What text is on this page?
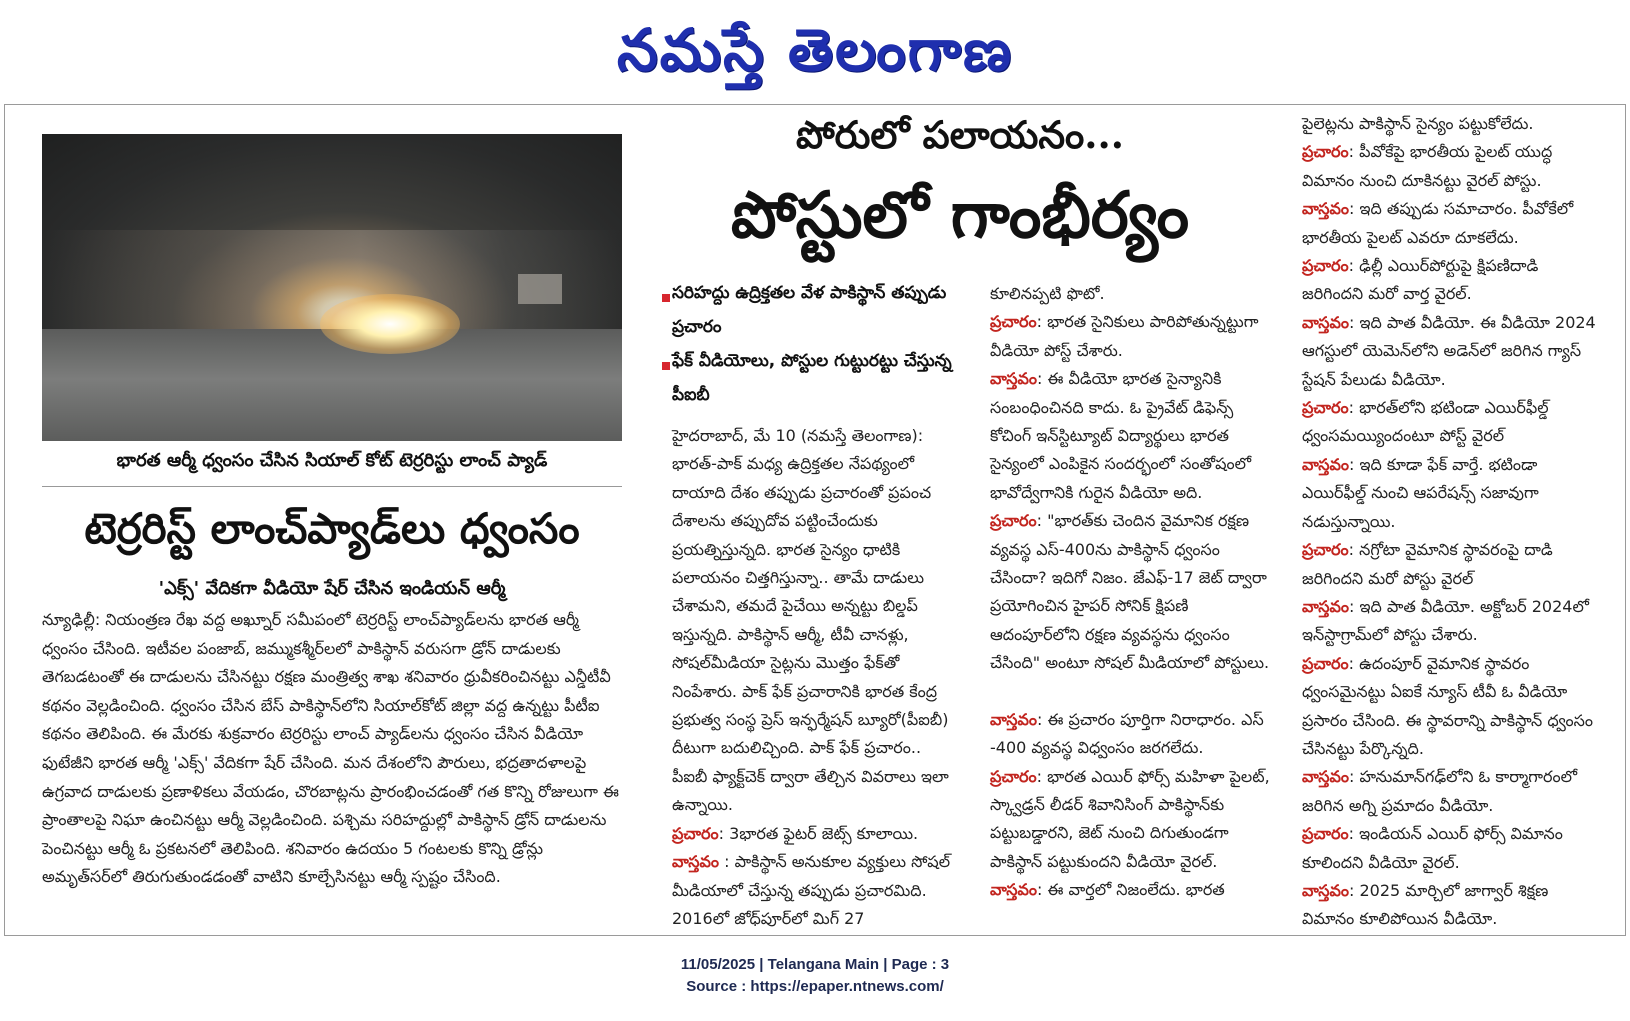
నమస్తే తెలంగాణ
భారత ఆర్మీ ధ్వంసం చేసిన సియాల్ కోట్ టెర్రరిస్టు లాంచ్ ప్యాడ్
టెర్రరిస్ట్ లాంచ్‌ప్యాడ్‌లు ధ్వంసం
'ఎక్స్' వేదికగా వీడియో షేర్ చేసిన ఇండియన్ ఆర్మీ
న్యూఢిల్లీ: నియంత్రణ రేఖ వద్ద అఖ్నూర్ సమీపంలో టెర్రరిస్ట్ లాంచ్‌ప్యాడ్‌లను భారత ఆర్మీ ధ్వంసం చేసింది. ఇటీవల పంజాబ్, జమ్ముకశ్మీర్‌లలో పాకిస్థాన్ వరుసగా డ్రోన్ దాడులకు తెగబడటంతో ఈ దాడులను చేసినట్టు రక్షణ మంత్రిత్వ శాఖ శనివారం ధ్రువీకరించినట్టు ఎన్డీటీవీ కథనం వెల్లడించింది. ధ్వంసం చేసిన బేస్ పాకిస్థాన్‌లోని సియాల్‌కోట్ జిల్లా వద్ద ఉన్నట్టు పీటీఐ కథనం తెలిపింది. ఈ మేరకు శుక్రవారం టెర్రరిస్టు లాంచ్ ప్యాడ్‌లను ధ్వంసం చేసిన వీడియో ఫుటేజీని భారత ఆర్మీ 'ఎక్స్' వేదికగా షేర్ చేసింది. మన దేశంలోని పౌరులు, భద్రతాదళాలపై ఉగ్రవాద దాడులకు ప్రణాళికలు వేయడం, చొరబాట్లను ప్రారంభించడంతో గత కొన్ని రోజులుగా ఈ ప్రాంతాలపై నిఘా ఉంచినట్టు ఆర్మీ వెల్లడించింది. పశ్చిమ సరిహద్దుల్లో పాకిస్థాన్ డ్రోన్ దాడులను పెంచినట్టు ఆర్మీ ఓ ప్రకటనలో తెలిపింది. శనివారం ఉదయం 5 గంటలకు కొన్ని డ్రోన్లు అమృత్‌సర్‌లో తిరుగుతుండడంతో వాటిని కూల్చేసినట్టు ఆర్మీ స్పష్టం చేసింది.
పోరులో పలాయనం...
పోస్టులో గాంభీర్యం
సరిహద్దు ఉద్రిక్తతల వేళ పాకిస్థాన్ తప్పుడు ప్రచారం
ఫేక్ వీడియోలు, పోస్టుల గుట్టురట్టు చేస్తున్న పీఐబీ

హైదరాబాద్, మే 10 (నమస్తే తెలంగాణ): భారత్-పాక్ మధ్య ఉద్రిక్తతల నేపథ్యంలో దాయాది దేశం తప్పుడు ప్రచారంతో ప్రపంచ దేశాలను తప్పుదోవ పట్టించేందుకు ప్రయత్నిస్తున్నది. భారత సైన్యం ధాటికి పలాయనం చిత్తగిస్తున్నా.. తామే దాడులు చేశామని, తమదే పైచేయి అన్నట్టు బిల్డప్ ఇస్తున్నది. పాకిస్థాన్ ఆర్మీ, టీవీ చానళ్లు, సోషల్‌మీడియా సైట్లను మొత్తం ఫేక్‌తో నింపేశారు. పాక్ ఫేక్ ప్రచారానికి భారత కేంద్ర ప్రభుత్వ సంస్థ ప్రెస్ ఇన్ఫర్మేషన్ బ్యూరో(పీఐబీ) దీటుగా బదులిచ్చింది. పాక్ ఫేక్ ప్రచారం.. పీఐబీ ఫ్యాక్ట్‌చెక్ ద్వారా తేల్చిన వివరాలు ఇలా ఉన్నాయి.

ప్రచారం: 3భారత ఫైటర్ జెట్స్ కూలాయి.

వాస్తవం : పాకిస్థాన్ అనుకూల వ్యక్తులు సోషల్ మీడియాలో చేస్తున్న తప్పుడు ప్రచారమిది. 2016లో జోధ్‌పూర్‌లో మిగ్ 27

కూలినప్పటి ఫొటో.

ప్రచారం: భారత సైనికులు పారిపోతున్నట్టుగా వీడియో పోస్ట్ చేశారు.

వాస్తవం: ఈ వీడియో భారత సైన్యానికి సంబంధించినది కాదు. ఓ ప్రైవేట్ డిఫెన్స్ కోచింగ్ ఇన్‌స్టిట్యూట్ విద్యార్థులు భారత సైన్యంలో ఎంపికైన సందర్భంలో సంతోషంలో భావోద్వేగానికి గురైన వీడియో అది.

ప్రచారం: "భారత్‌కు చెందిన వైమానిక రక్షణ వ్యవస్థ ఎస్-400ను పాకిస్థాన్ ధ్వంసం చేసిందా? ఇదిగో నిజం. జేఎఫ్-17 జెట్ ద్వారా ప్రయోగించిన హైపర్ సోనిక్ క్షిపణి ఆదంపూర్‌లోని రక్షణ వ్యవస్థను ధ్వంసం చేసింది" అంటూ సోషల్ మీడియాలో పోస్టులు.

వాస్తవం: ఈ ప్రచారం పూర్తిగా నిరాధారం. ఎస్ -400 వ్యవస్థ విధ్వంసం జరగలేదు.

ప్రచారం: భారత ఎయిర్ ఫోర్స్ మహిళా పైలట్, స్క్వాడ్రన్ లీడర్ శివానిసింగ్ పాకిస్థాన్‌కు పట్టుబడ్డారని, జెట్ నుంచి దిగుతుండగా పాకిస్థాన్ పట్టుకుందని వీడియో వైరల్.

వాస్తవం: ఈ వార్తలో నిజంలేదు. భారత

పైలెట్లను పాకిస్థాన్ సైన్యం పట్టుకోలేదు.

ప్రచారం: పీవోకేపై భారతీయ పైలట్ యుద్ధ విమానం నుంచి దూకినట్టు వైరల్ పోస్టు.

వాస్తవం: ఇది తప్పుడు సమాచారం. పీవోకేలో భారతీయ పైలట్ ఎవరూ దూకలేదు.

ప్రచారం: ఢిల్లీ ఎయిర్‌పోర్టుపై క్షిపణిదాడి జరిగిందని మరో వార్త వైరల్.

వాస్తవం: ఇది పాత వీడియో. ఈ వీడియో 2024 ఆగస్టులో యెమెన్‌లోని అడెన్‌లో జరిగిన గ్యాస్ స్టేషన్ పేలుడు వీడియో.

ప్రచారం: భారత్‌లోని భటిండా ఎయిర్‌ఫీల్డ్ ధ్వంసమయ్యిందంటూ పోస్ట్ వైరల్

వాస్తవం: ఇది కూడా ఫేక్ వార్తే. భటిండా ఎయిర్‌ఫీల్డ్ నుంచి ఆపరేషన్స్ సజావుగా నడుస్తున్నాయి.

ప్రచారం: నగ్రోటా వైమానిక స్థావరంపై దాడి జరిగిందని మరో పోస్టు వైరల్

వాస్తవం: ఇది పాత వీడియో. అక్టోబర్ 2024లో ఇన్‌స్టాగ్రామ్‌లో పోస్టు చేశారు.

ప్రచారం: ఉదంపూర్ వైమానిక స్థావరం ధ్వంసమైనట్టు ఏఐకే న్యూస్ టీవీ ఓ వీడియో ప్రసారం చేసింది. ఈ స్థావరాన్ని పాకిస్థాన్ ధ్వంసం చేసినట్టు పేర్కొన్నది.

వాస్తవం: హనుమాన్‌గఢ్‌లోని ఓ కార్మాగారంలో జరిగిన అగ్ని ప్రమాదం వీడియో.

ప్రచారం: ఇండియన్ ఎయిర్ ఫోర్స్ విమానం కూలిందని వీడియో వైరల్.

వాస్తవం: 2025 మార్చిలో జాగ్వార్ శిక్షణ విమానం కూలిపోయిన వీడియో.

11/05/2025 | Telangana Main | Page : 3
Source : https://epaper.ntnews.com/
